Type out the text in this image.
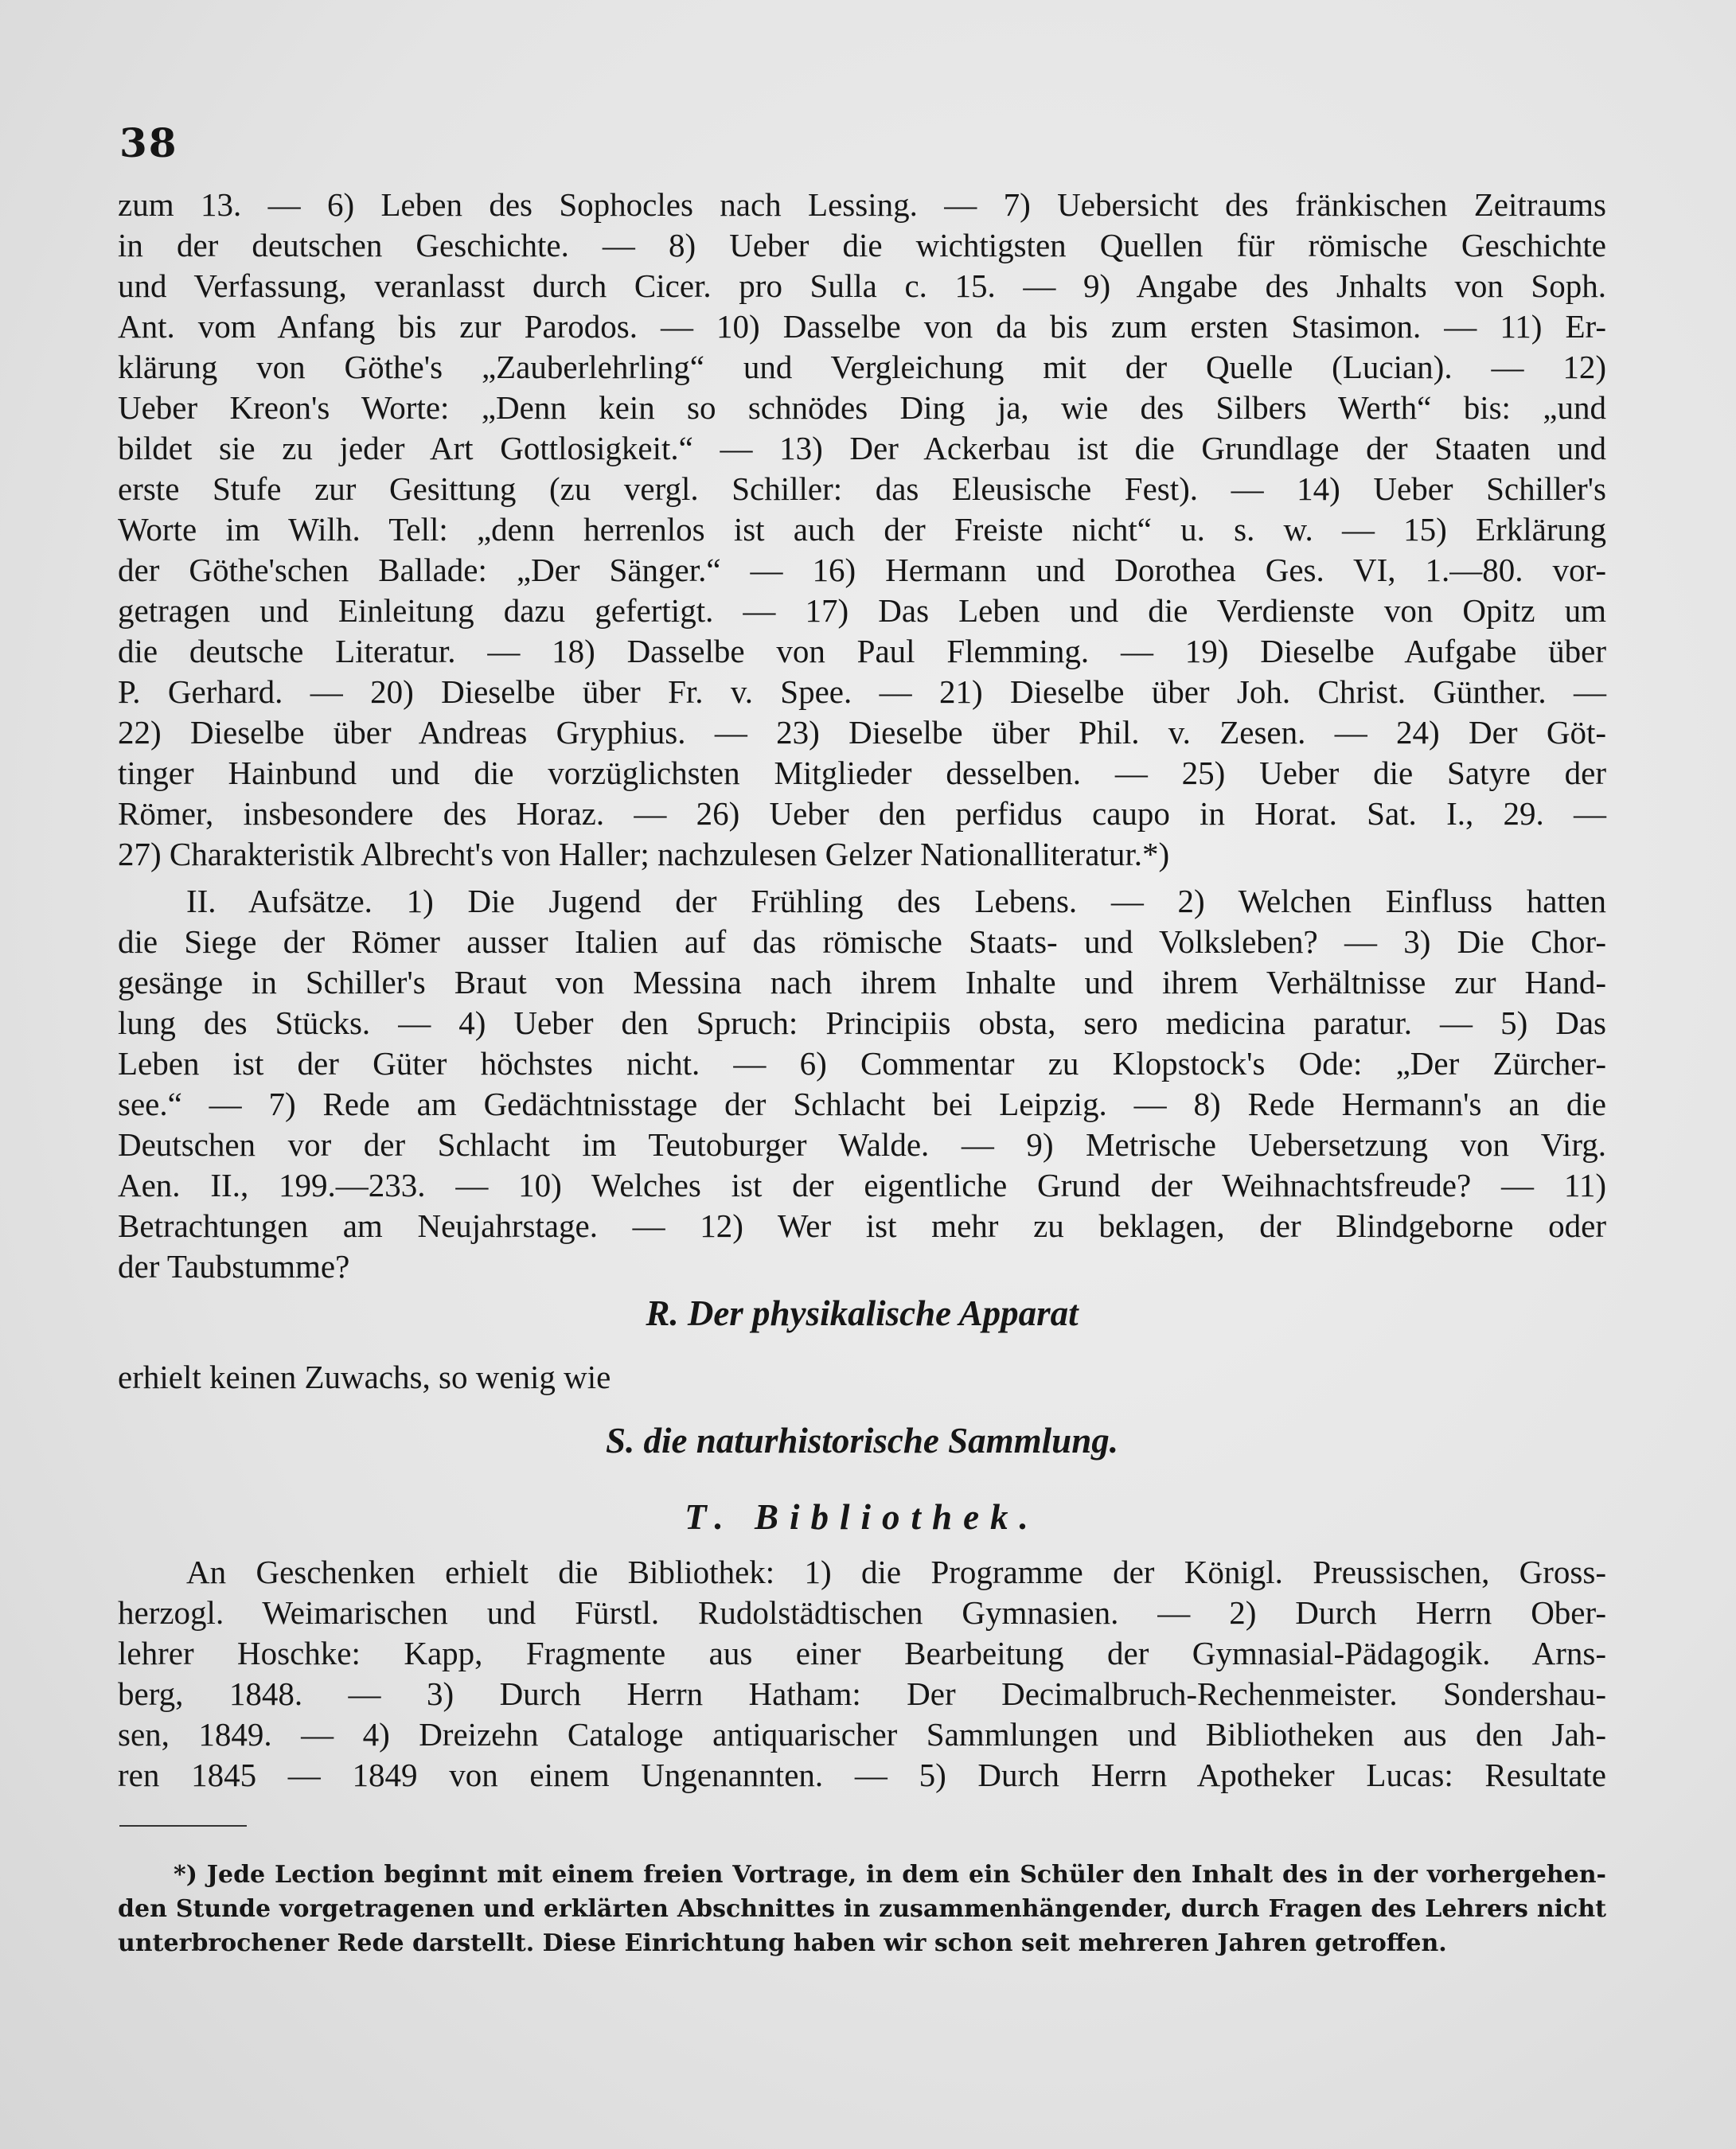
38
zum 13. — 6) Leben des Sophocles nach Lessing. — 7) Uebersicht des fränkischen Zeitraums
in der deutschen Geschichte. — 8) Ueber die wichtigsten Quellen für römische Geschichte
und Verfassung, veranlasst durch Cicer. pro Sulla c. 15. — 9) Angabe des Jnhalts von Soph.
Ant. vom Anfang bis zur Parodos. — 10) Dasselbe von da bis zum ersten Stasimon. — 11) Er-
klärung von Göthe's „Zauberlehrling“ und Vergleichung mit der Quelle (Lucian). — 12)
Ueber Kreon's Worte: „Denn kein so schnödes Ding ja, wie des Silbers Werth“ bis: „und
bildet sie zu jeder Art Gottlosigkeit.“ — 13) Der Ackerbau ist die Grundlage der Staaten und
erste Stufe zur Gesittung (zu vergl. Schiller: das Eleusische Fest). — 14) Ueber Schiller's
Worte im Wilh. Tell: „denn herrenlos ist auch der Freiste nicht“ u. s. w. — 15) Erklärung
der Göthe'schen Ballade: „Der Sänger.“ — 16) Hermann und Dorothea Ges. VI, 1.—80. vor-
getragen und Einleitung dazu gefertigt. — 17) Das Leben und die Verdienste von Opitz um
die deutsche Literatur. — 18) Dasselbe von Paul Flemming. — 19) Dieselbe Aufgabe über
P. Gerhard. — 20) Dieselbe über Fr. v. Spee. — 21) Dieselbe über Joh. Christ. Günther. —
22) Dieselbe über Andreas Gryphius. — 23) Dieselbe über Phil. v. Zesen. — 24) Der Göt-
tinger Hainbund und die vorzüglichsten Mitglieder desselben. — 25) Ueber die Satyre der
Römer, insbesondere des Horaz. — 26) Ueber den perfidus caupo in Horat. Sat. I., 29. —
27) Charakteristik Albrecht's von Haller; nachzulesen Gelzer Nationalliteratur.*)
II. Aufsätze. 1) Die Jugend der Frühling des Lebens. — 2) Welchen Einfluss hatten
die Siege der Römer ausser Italien auf das römische Staats- und Volksleben? — 3) Die Chor-
gesänge in Schiller's Braut von Messina nach ihrem Inhalte und ihrem Verhältnisse zur Hand-
lung des Stücks. — 4) Ueber den Spruch: Principiis obsta, sero medicina paratur. — 5) Das
Leben ist der Güter höchstes nicht. — 6) Commentar zu Klopstock's Ode: „Der Zürcher-
see.“ — 7) Rede am Gedächtnisstage der Schlacht bei Leipzig. — 8) Rede Hermann's an die
Deutschen vor der Schlacht im Teutoburger Walde. — 9) Metrische Uebersetzung von Virg.
Aen. II., 199.—233. — 10) Welches ist der eigentliche Grund der Weihnachtsfreude? — 11)
Betrachtungen am Neujahrstage. — 12) Wer ist mehr zu beklagen, der Blindgeborne oder
der Taubstumme?
R. Der physikalische Apparat
erhielt keinen Zuwachs, so wenig wie
S. die naturhistorische Sammlung.
T. Bibliothek.
An Geschenken erhielt die Bibliothek: 1) die Programme der Königl. Preussischen, Gross-
herzogl. Weimarischen und Fürstl. Rudolstädtischen Gymnasien. — 2) Durch Herrn Ober-
lehrer Hoschke: Kapp, Fragmente aus einer Bearbeitung der Gymnasial-Pädagogik. Arns-
berg, 1848. — 3) Durch Herrn Hatham: Der Decimalbruch-Rechenmeister. Sondershau-
sen, 1849. — 4) Dreizehn Cataloge antiquarischer Sammlungen und Bibliotheken aus den Jah-
ren 1845 — 1849 von einem Ungenannten. — 5) Durch Herrn Apotheker Lucas: Resultate
*) Jede Lection beginnt mit einem freien Vortrage, in dem ein Schüler den Inhalt des in der vorhergehen-
den Stunde vorgetragenen und erklärten Abschnittes in zusammenhängender, durch Fragen des Lehrers nicht
unterbrochener Rede darstellt. Diese Einrichtung haben wir schon seit mehreren Jahren getroffen.
